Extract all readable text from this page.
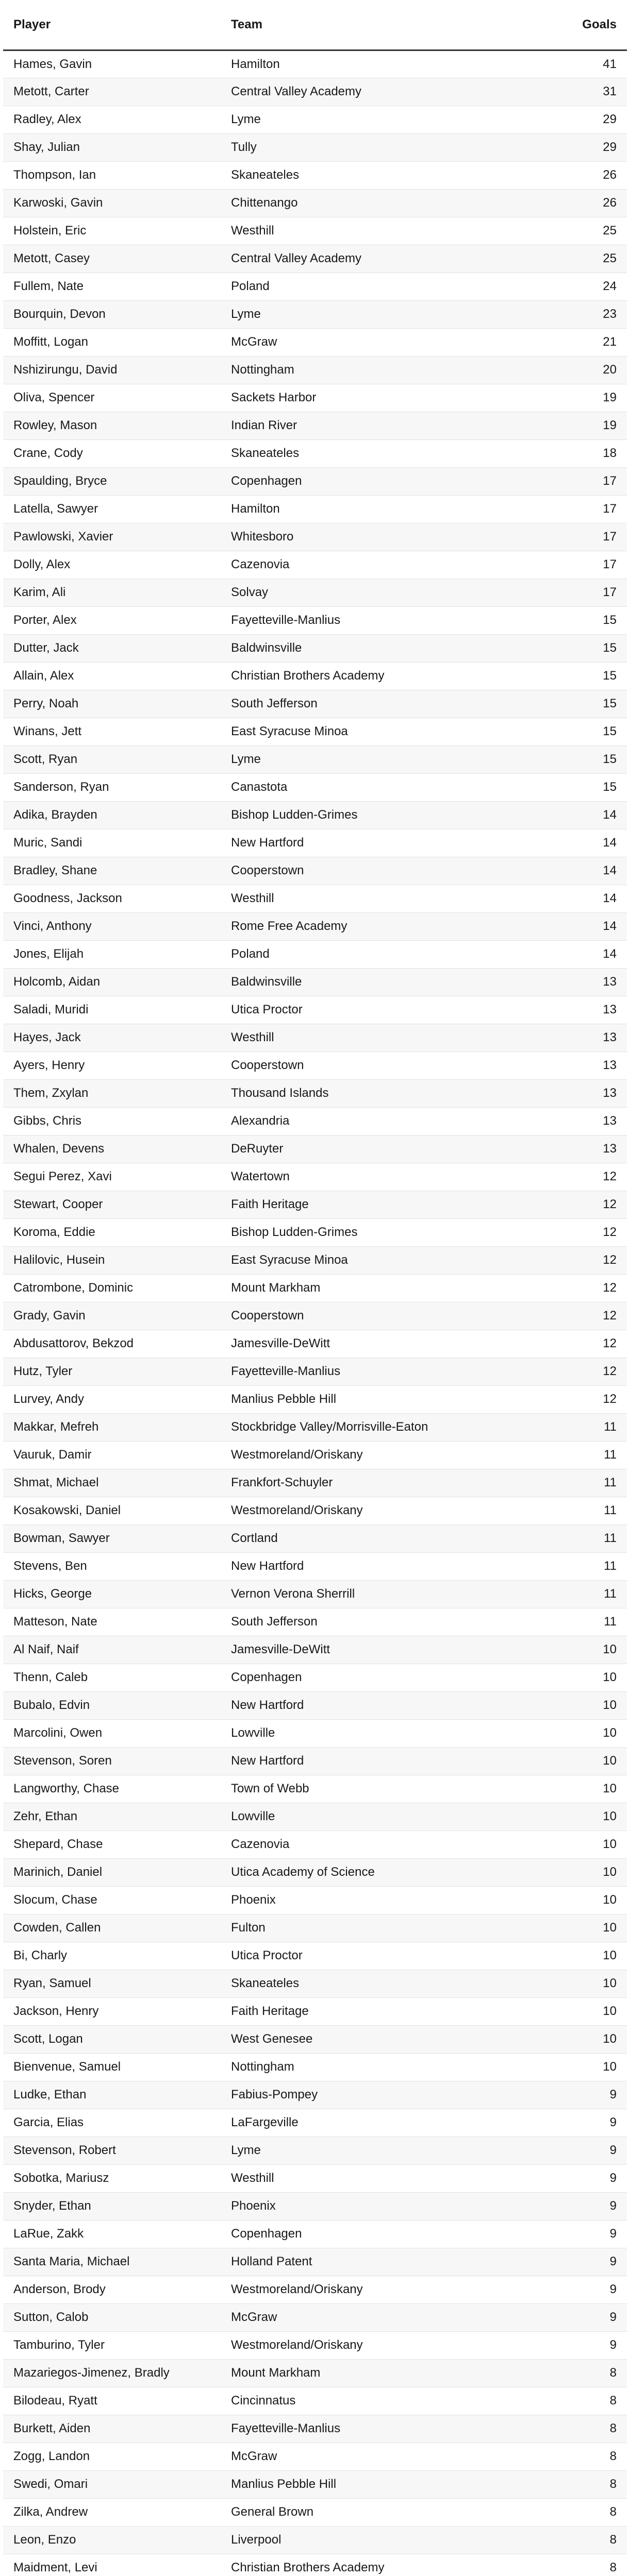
Player	Team	Goals
Hames, Gavin	Hamilton	41
Metott, Carter	Central Valley Academy	31
Radley, Alex	Lyme	29
Shay, Julian	Tully	29
Thompson, Ian	Skaneateles	26
Karwoski, Gavin	Chittenango	26
Holstein, Eric	Westhill	25
Metott, Casey	Central Valley Academy	25
Fullem, Nate	Poland	24
Bourquin, Devon	Lyme	23
Moffitt, Logan	McGraw	21
Nshizirungu, David	Nottingham	20
Oliva, Spencer	Sackets Harbor	19
Rowley, Mason	Indian River	19
Crane, Cody	Skaneateles	18
Spaulding, Bryce	Copenhagen	17
Latella, Sawyer	Hamilton	17
Pawlowski, Xavier	Whitesboro	17
Dolly, Alex	Cazenovia	17
Karim, Ali	Solvay	17
Porter, Alex	Fayetteville-Manlius	15
Dutter, Jack	Baldwinsville	15
Allain, Alex	Christian Brothers Academy	15
Perry, Noah	South Jefferson	15
Winans, Jett	East Syracuse Minoa	15
Scott, Ryan	Lyme	15
Sanderson, Ryan	Canastota	15
Adika, Brayden	Bishop Ludden-Grimes	14
Muric, Sandi	New Hartford	14
Bradley, Shane	Cooperstown	14
Goodness, Jackson	Westhill	14
Vinci, Anthony	Rome Free Academy	14
Jones, Elijah	Poland	14
Holcomb, Aidan	Baldwinsville	13
Saladi, Muridi	Utica Proctor	13
Hayes, Jack	Westhill	13
Ayers, Henry	Cooperstown	13
Them, Zxylan	Thousand Islands	13
Gibbs, Chris	Alexandria	13
Whalen, Devens	DeRuyter	13
Segui Perez, Xavi	Watertown	12
Stewart, Cooper	Faith Heritage	12
Koroma, Eddie	Bishop Ludden-Grimes	12
Halilovic, Husein	East Syracuse Minoa	12
Catrombone, Dominic	Mount Markham	12
Grady, Gavin	Cooperstown	12
Abdusattorov, Bekzod	Jamesville-DeWitt	12
Hutz, Tyler	Fayetteville-Manlius	12
Lurvey, Andy	Manlius Pebble Hill	12
Makkar, Mefreh	Stockbridge Valley/Morrisville-Eaton	11
Vauruk, Damir	Westmoreland/Oriskany	11
Shmat, Michael	Frankfort-Schuyler	11
Kosakowski, Daniel	Westmoreland/Oriskany	11
Bowman, Sawyer	Cortland	11
Stevens, Ben	New Hartford	11
Hicks, George	Vernon Verona Sherrill	11
Matteson, Nate	South Jefferson	11
Al Naif, Naif	Jamesville-DeWitt	10
Thenn, Caleb	Copenhagen	10
Bubalo, Edvin	New Hartford	10
Marcolini, Owen	Lowville	10
Stevenson, Soren	New Hartford	10
Langworthy, Chase	Town of Webb	10
Zehr, Ethan	Lowville	10
Shepard, Chase	Cazenovia	10
Marinich, Daniel	Utica Academy of Science	10
Slocum, Chase	Phoenix	10
Cowden, Callen	Fulton	10
Bi, Charly	Utica Proctor	10
Ryan, Samuel	Skaneateles	10
Jackson, Henry	Faith Heritage	10
Scott, Logan	West Genesee	10
Bienvenue, Samuel	Nottingham	10
Ludke, Ethan	Fabius-Pompey	9
Garcia, Elias	LaFargeville	9
Stevenson, Robert	Lyme	9
Sobotka, Mariusz	Westhill	9
Snyder, Ethan	Phoenix	9
LaRue, Zakk	Copenhagen	9
Santa Maria, Michael	Holland Patent	9
Anderson, Brody	Westmoreland/Oriskany	9
Sutton, Calob	McGraw	9
Tamburino, Tyler	Westmoreland/Oriskany	9
Mazariegos-Jimenez, Bradly	Mount Markham	8
Bilodeau, Ryatt	Cincinnatus	8
Burkett, Aiden	Fayetteville-Manlius	8
Zogg, Landon	McGraw	8
Swedi, Omari	Manlius Pebble Hill	8
Zilka, Andrew	General Brown	8
Leon, Enzo	Liverpool	8
Maidment, Levi	Christian Brothers Academy	8
